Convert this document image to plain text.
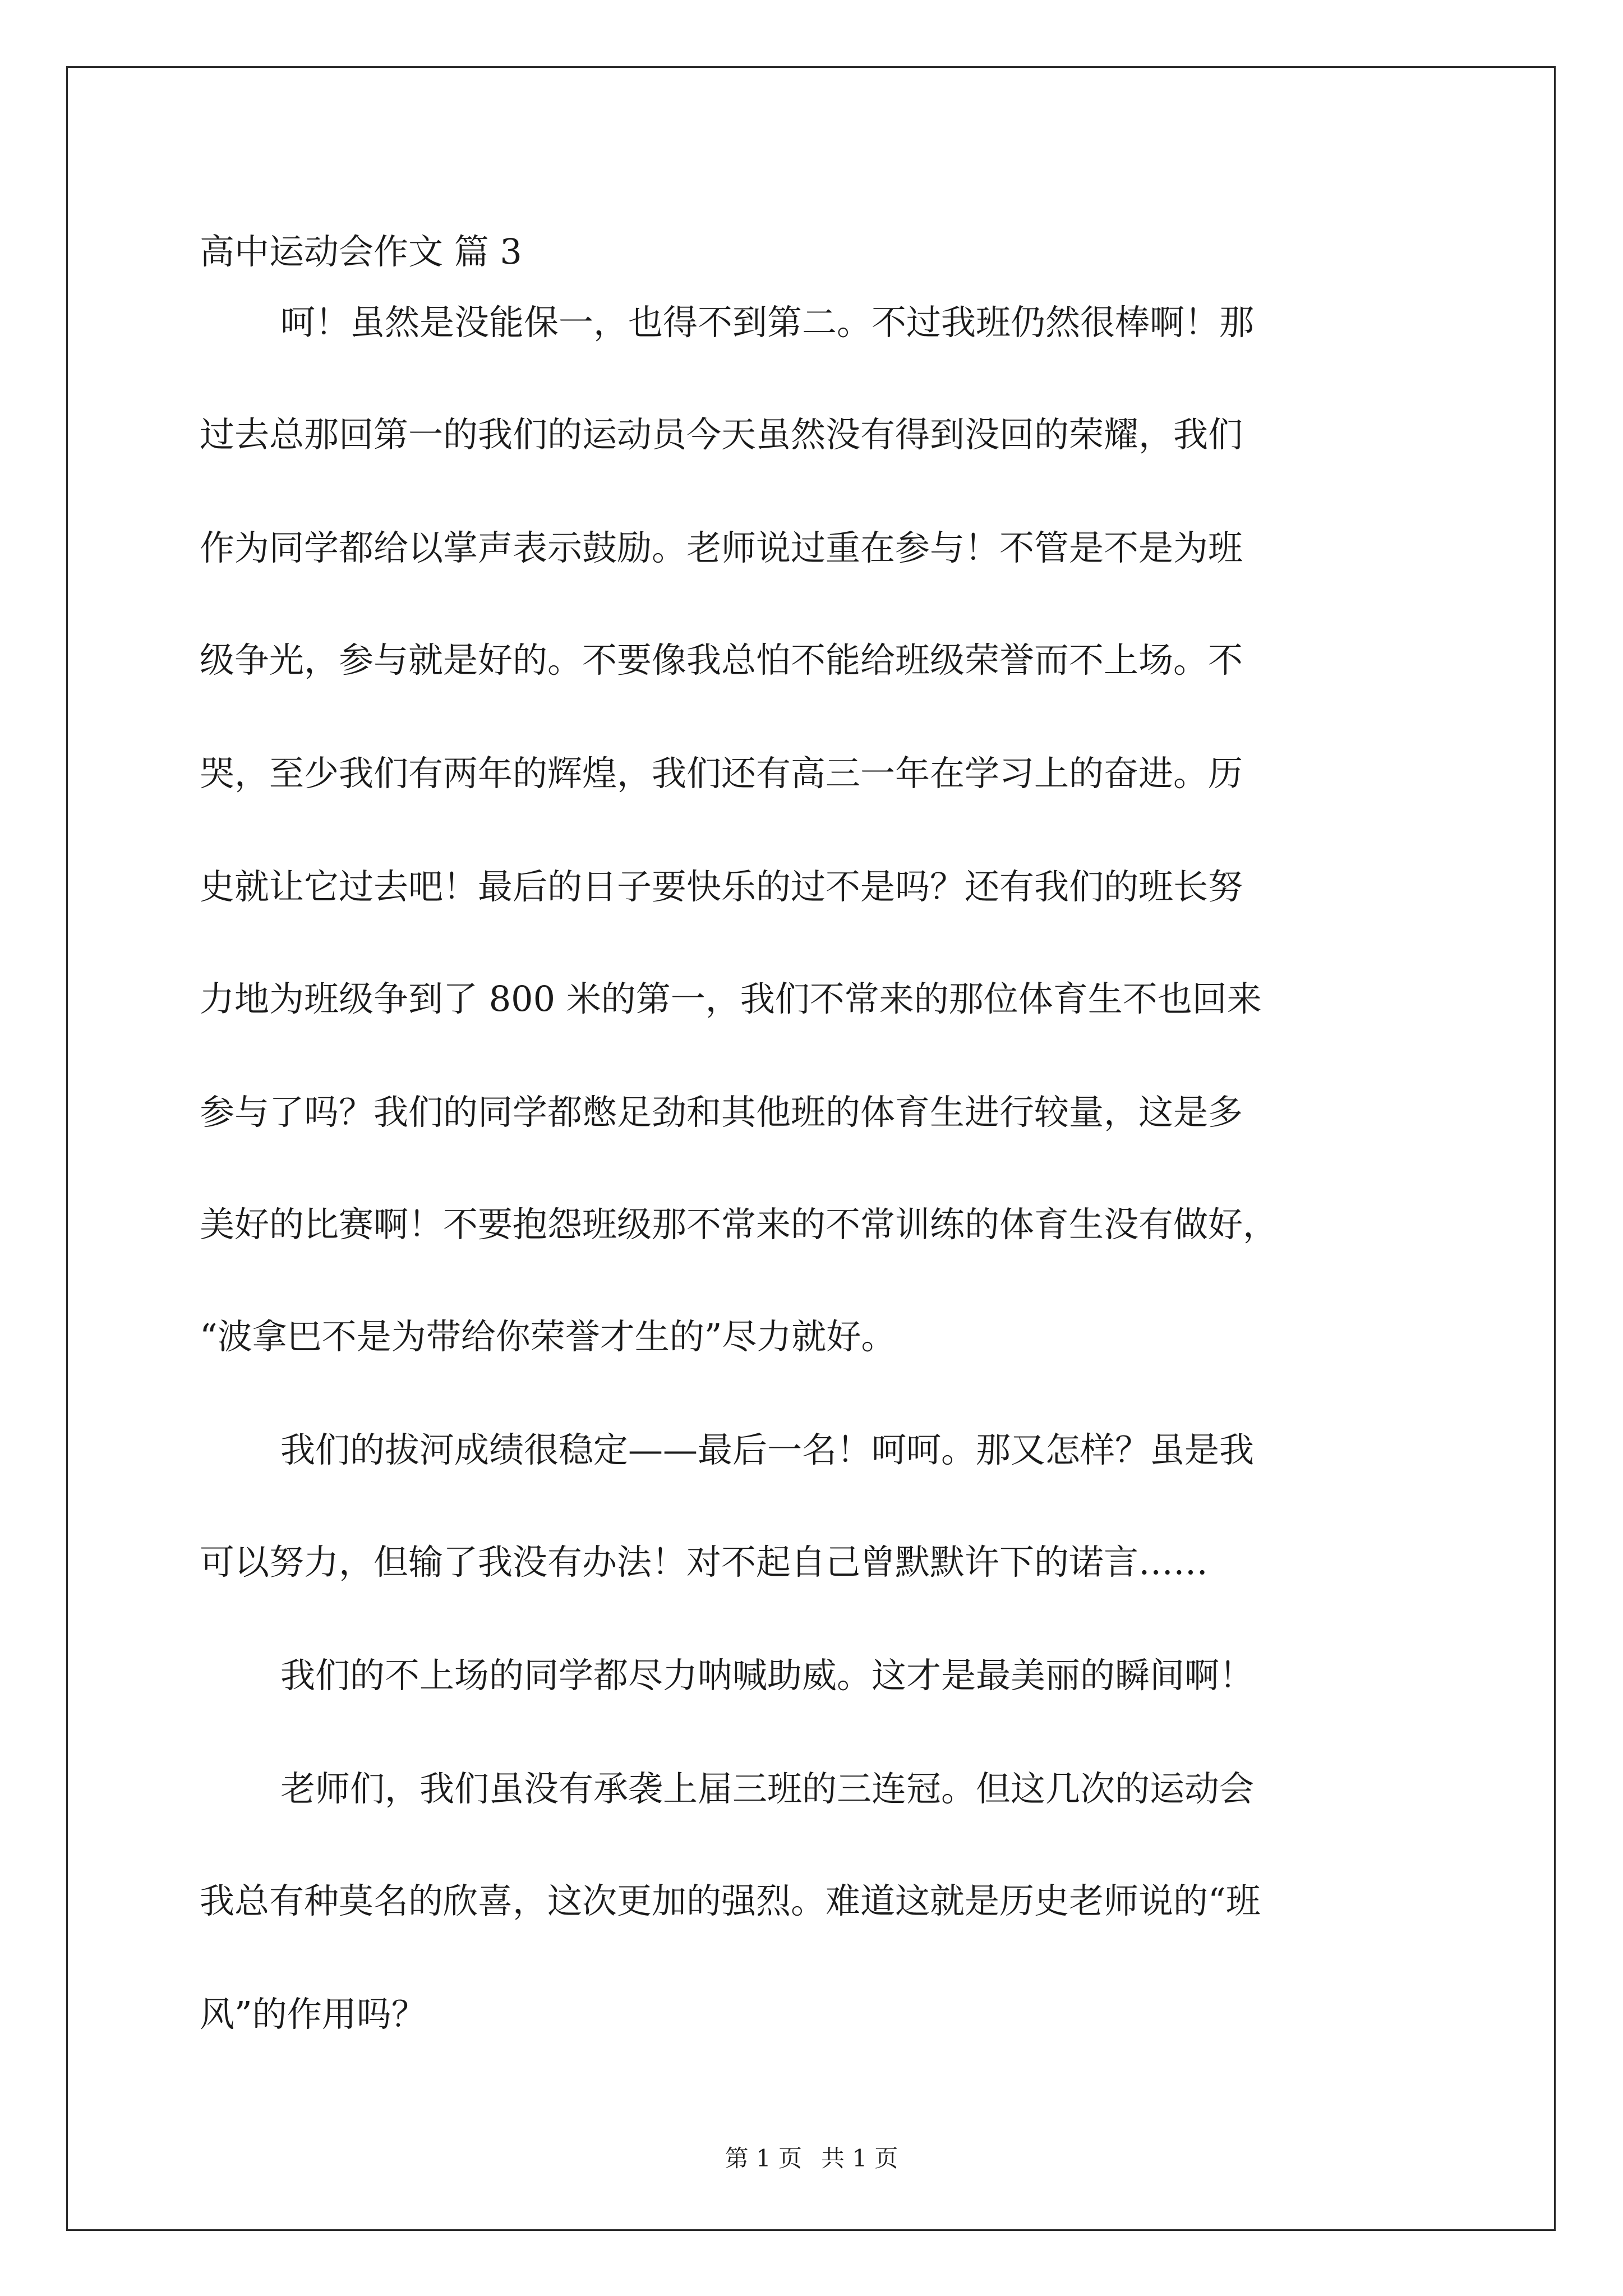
高中运动会作文 篇 3

呵！虽然是没能保一，也得不到第二。不过我班仍然很棒啊！那

过去总那回第一的我们的运动员今天虽然没有得到没回的荣耀，我们

作为同学都给以掌声表示鼓励。老师说过重在参与！不管是不是为班

级争光，参与就是好的。不要像我总怕不能给班级荣誉而不上场。不

哭，至少我们有两年的辉煌，我们还有高三一年在学习上的奋进。历

史就让它过去吧！最后的日子要快乐的过不是吗？还有我们的班长努

力地为班级争到了 800 米的第一，我们不常来的那位体育生不也回来

参与了吗？我们的同学都憋足劲和其他班的体育生进行较量，这是多

美好的比赛啊！不要抱怨班级那不常来的不常训练的体育生没有做好，

“波拿巴不是为带给你荣誉才生的”尽力就好。

我们的拔河成绩很稳定——最后一名！呵呵。那又怎样？虽是我

可以努力，但输了我没有办法！对不起自己曾默默许下的诺言……

我们的不上场的同学都尽力呐喊助威。这才是最美丽的瞬间啊！

老师们，我们虽没有承袭上届三班的三连冠。但这几次的运动会

我总有种莫名的欣喜，这次更加的强烈。难道这就是历史老师说的“班

风”的作用吗？

第 1 页 共 1 页
